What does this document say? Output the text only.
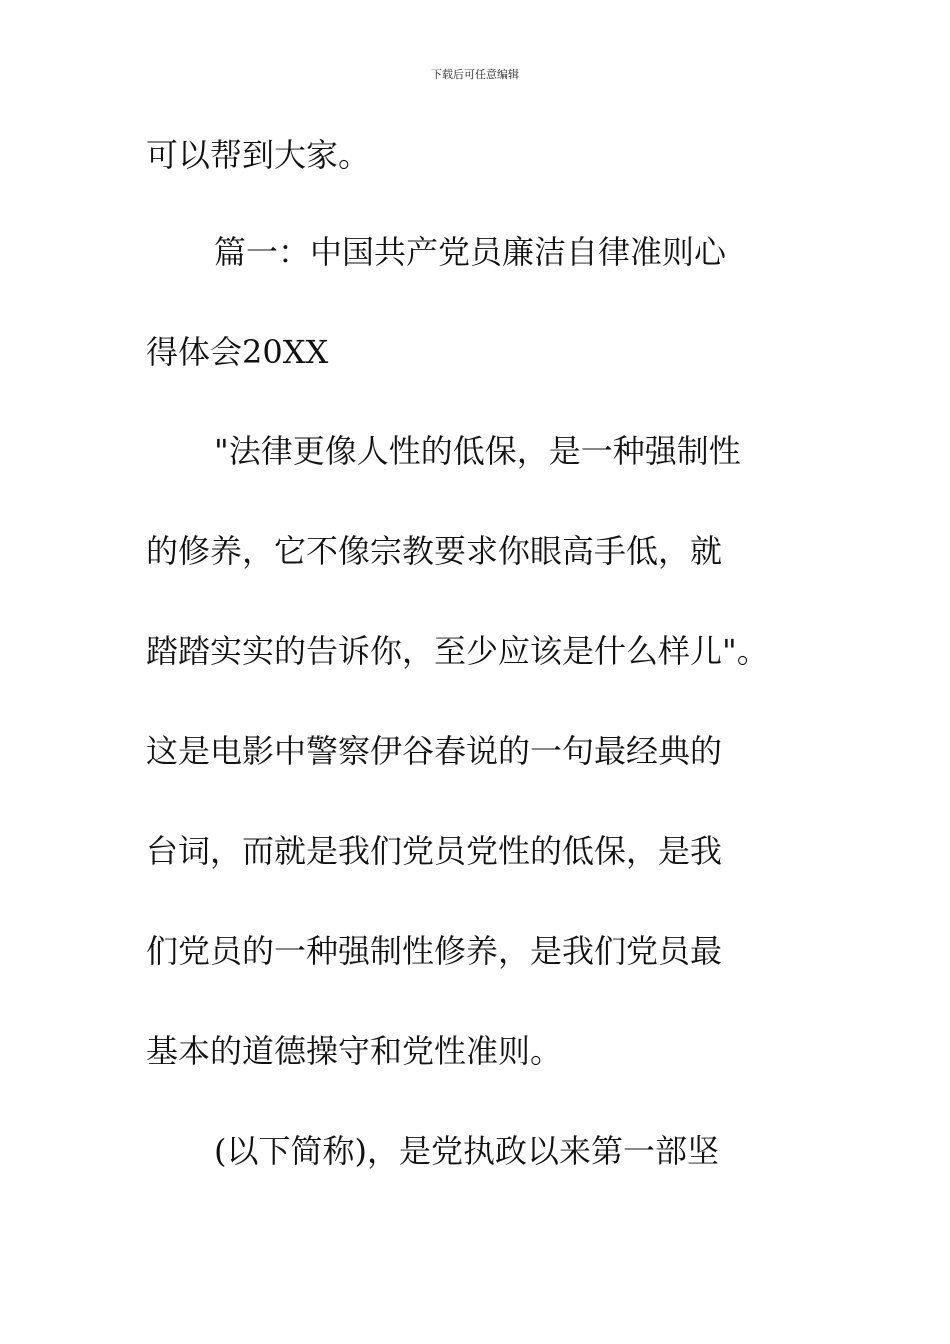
下载后可任意编辑
可以帮到大家。
篇一：中国共产党员廉洁自律准则心
得体会20XX
"法律更像人性的低保，是一种强制性
的修养，它不像宗教要求你眼高手低，就
踏踏实实的告诉你，至少应该是什么样儿"。
这是电影中警察伊谷春说的一句最经典的
台词，而就是我们党员党性的低保，是我
们党员的一种强制性修养，是我们党员最
基本的道德操守和党性准则。
(以下简称)，是党执政以来第一部坚
